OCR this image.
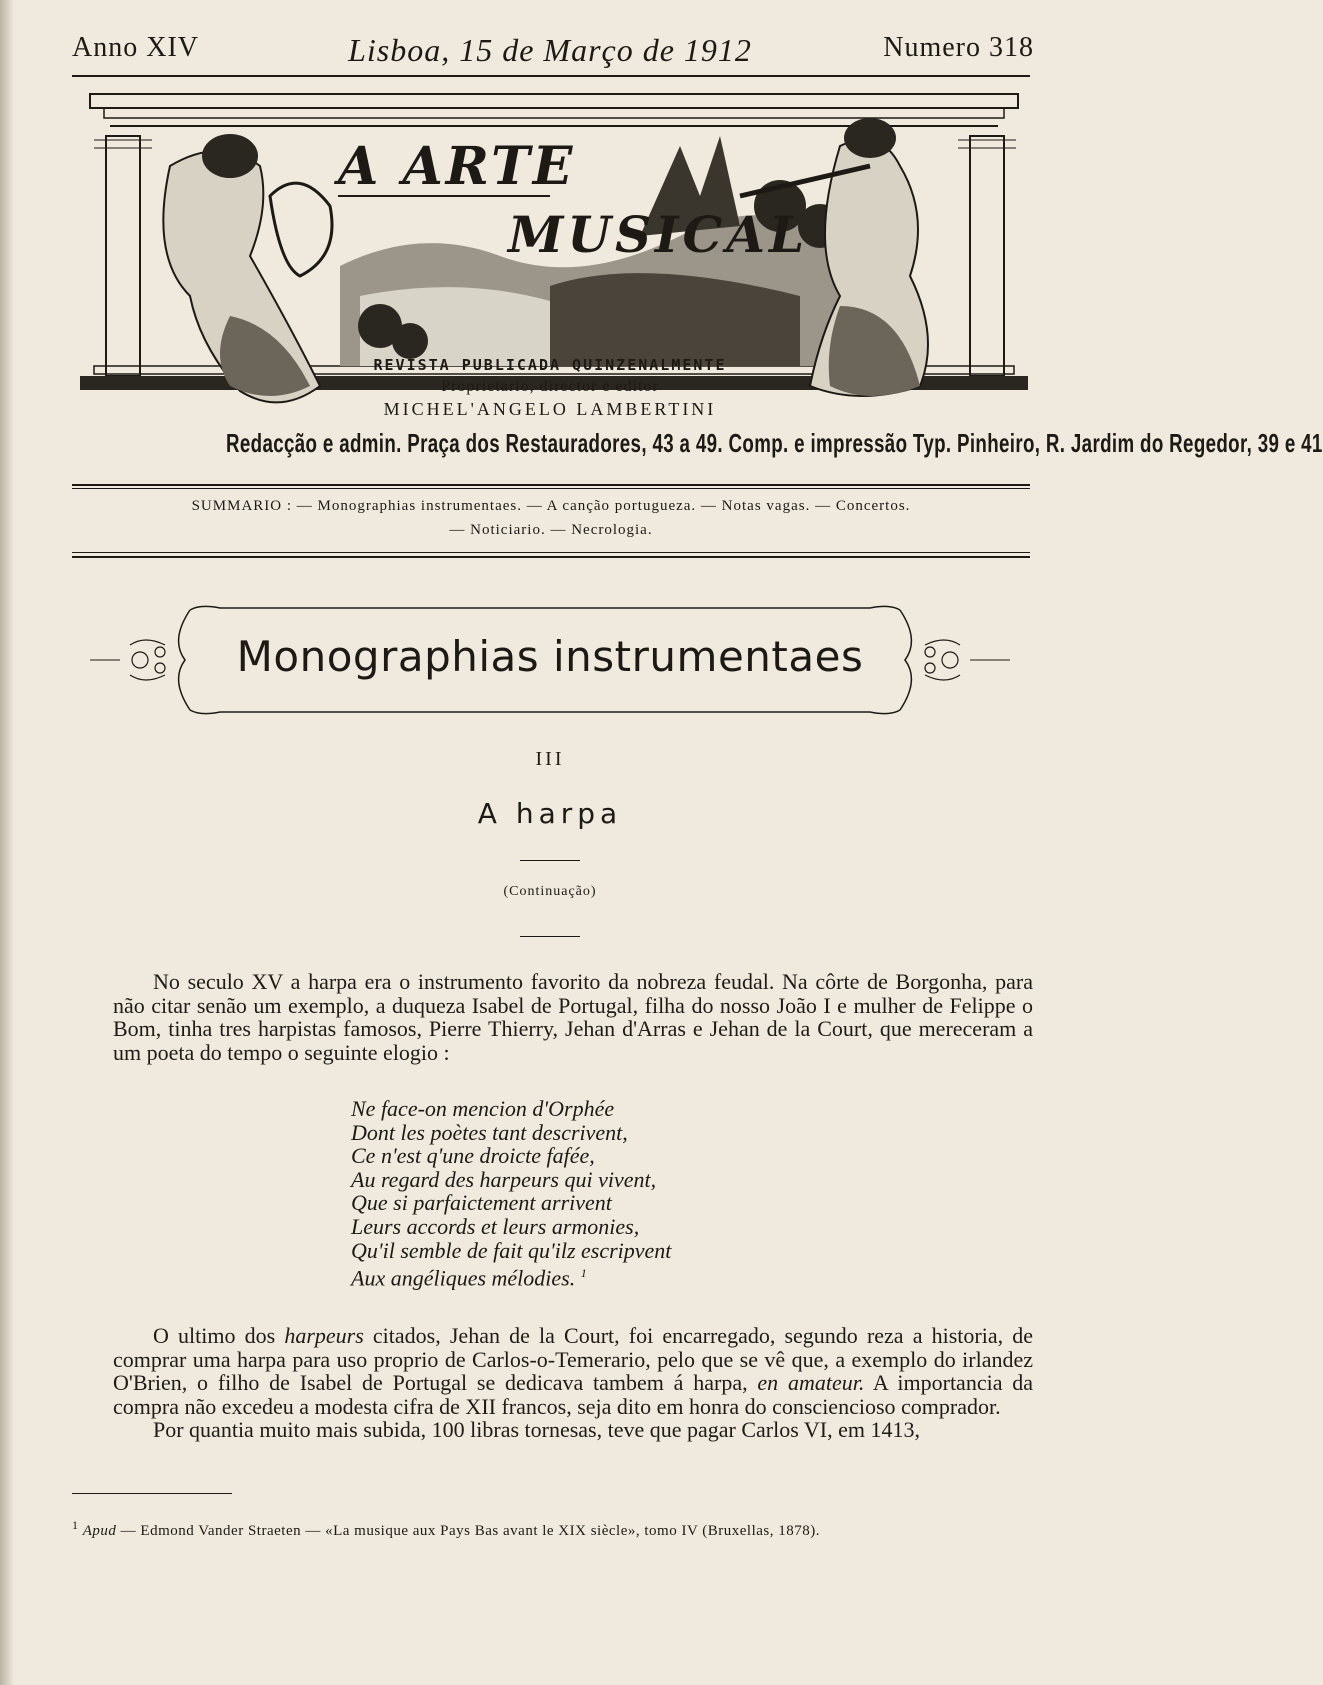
Anno XIV	Lisboa, 15 de Março de 1912	Numero 318
A ARTE
MUSICAL
REVISTA PUBLICADA QUINZENALMENTE
Proprietario, director e editor
MICHEL'ANGELO LAMBERTINI
Redacção e admin. Praça dos Restauradores, 43 a 49. Comp. e impressão Typ. Pinheiro, R. Jardim do Regedor, 39 e 41
SUMMARIO : — Monographias instrumentaes. — A canção portugueza. — Notas vagas. — Concertos.
— Noticiario. — Necrologia.
Monographias instrumentaes
III
A harpa
(Continuação)

No seculo XV a harpa era o instrumento favorito da nobreza feudal. Na côrte de Borgonha, para não citar senão um exemplo, a duqueza Isabel de Portugal, filha do nosso João I e mulher de Felippe o Bom, tinha tres harpistas famosos, Pierre Thierry, Jehan d'Arras e Jehan de la Court, que mereceram a um poeta do tempo o seguinte elogio :

Ne face-on mencion d'Orphée
Dont les poètes tant descrivent,
Ce n'est q'une droicte fafée,
Au regard des harpeurs qui vivent,
Que si parfaictement arrivent
Leurs accords et leurs armonies,
Qu'il semble de fait qu'ilz escripvent
Aux angéliques mélodies. $^1$

O ultimo dos harpeurs citados, Jehan de la Court, foi encarregado, segundo reza a historia, de comprar uma harpa para uso proprio de Carlos-o-Temerario, pelo que se vê que, a exemplo do irlandez O'Brien, o filho de Isabel de Portugal se dedicava tambem á harpa, en amateur. A importancia da compra não excedeu a modesta cifra de XII francos, seja dito em honra do consciencioso comprador.

Por quantia muito mais subida, 100 libras tornesas, teve que pagar Carlos VI, em 1413,

$^1$ Apud — Edmond Vander Straeten — «La musique aux Pays Bas avant le XIX siècle», tomo IV (Bruxellas, 1878).
